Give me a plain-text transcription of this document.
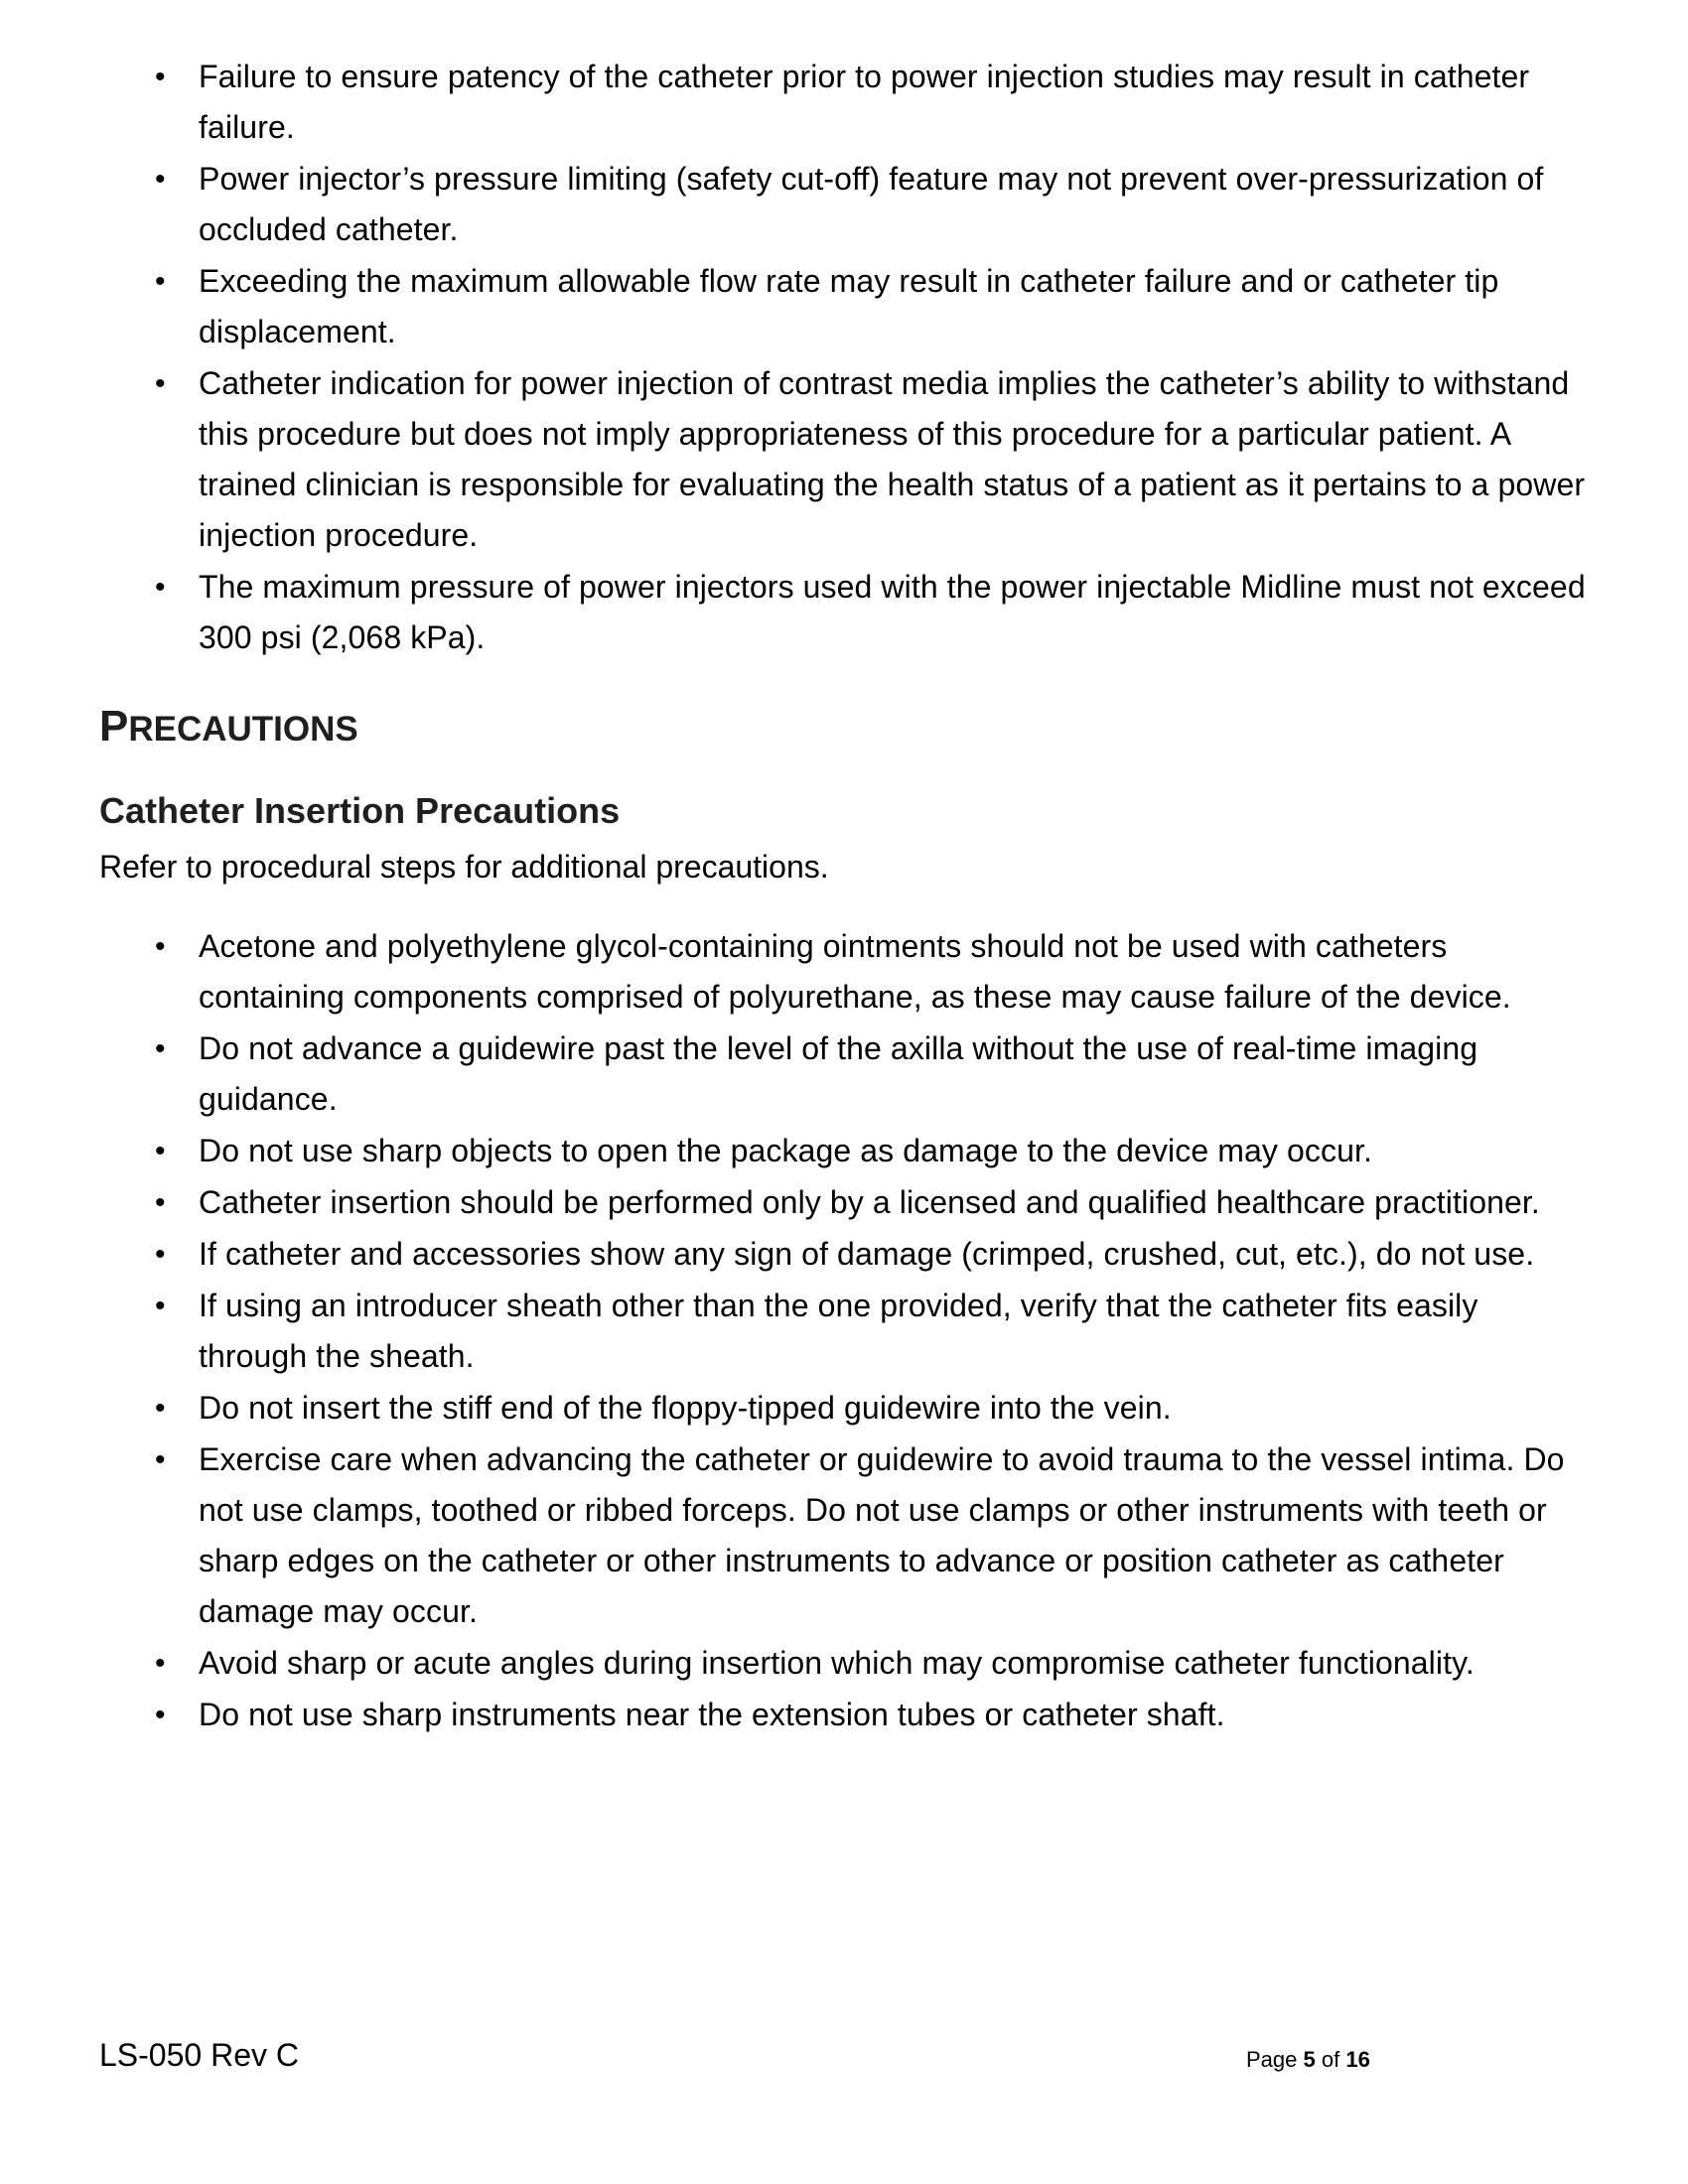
• Failure to ensure patency of the catheter prior to power injection studies may result in catheter failure.
• Power injector’s pressure limiting (safety cut-off) feature may not prevent over-pressurization of occluded catheter.
• Exceeding the maximum allowable flow rate may result in catheter failure and or catheter tip displacement.
• Catheter indication for power injection of contrast media implies the catheter’s ability to withstand this procedure but does not imply appropriateness of this procedure for a particular patient. A trained clinician is responsible for evaluating the health status of a patient as it pertains to a power injection procedure.
• The maximum pressure of power injectors used with the power injectable Midline must not exceed 300 psi (2,068 kPa).
PRECAUTIONS
Catheter Insertion Precautions
Refer to procedural steps for additional precautions.
• Acetone and polyethylene glycol-containing ointments should not be used with catheters containing components comprised of polyurethane, as these may cause failure of the device.
• Do not advance a guidewire past the level of the axilla without the use of real-time imaging guidance.
• Do not use sharp objects to open the package as damage to the device may occur.
• Catheter insertion should be performed only by a licensed and qualified healthcare practitioner.
• If catheter and accessories show any sign of damage (crimped, crushed, cut, etc.), do not use.
• If using an introducer sheath other than the one provided, verify that the catheter fits easily through the sheath.
• Do not insert the stiff end of the floppy-tipped guidewire into the vein.
• Exercise care when advancing the catheter or guidewire to avoid trauma to the vessel intima. Do not use clamps, toothed or ribbed forceps. Do not use clamps or other instruments with teeth or sharp edges on the catheter or other instruments to advance or position catheter as catheter damage may occur.
• Avoid sharp or acute angles during insertion which may compromise catheter functionality.
• Do not use sharp instruments near the extension tubes or catheter shaft.
LS-050 Rev C	Page 5 of 16
